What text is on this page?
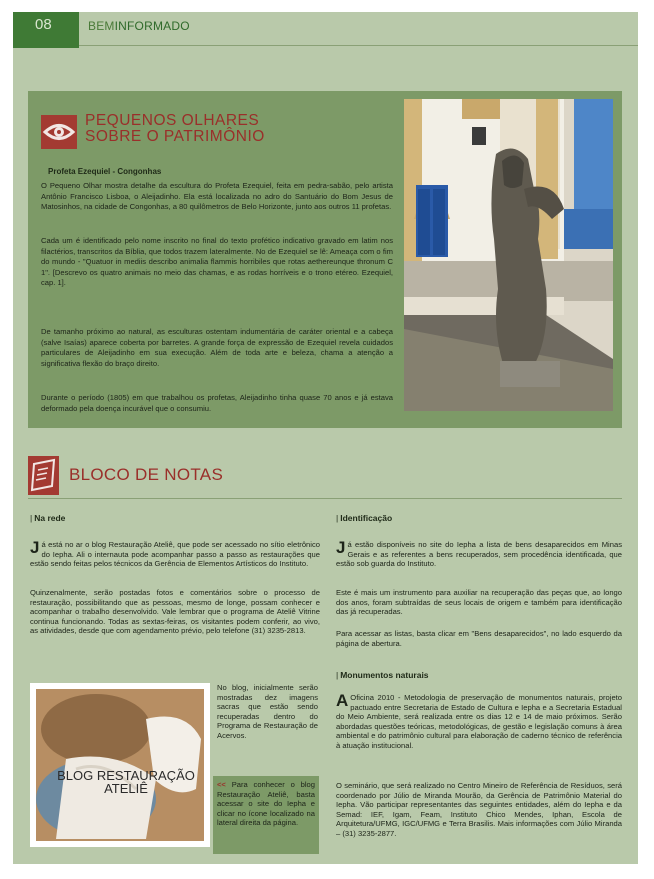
08	BEMINFORMADO
PEQUENOS OLHARES
SOBRE O PATRIMÔNIO
Profeta Ezequiel - Congonhas

O Pequeno Olhar mostra detalhe da escultura do Profeta Ezequiel, feita em pedra-sabão, pelo artista Antônio Francisco Lisboa, o Aleijadinho. Ela está localizada no adro do Santuário do Bom Jesus de Matosinhos, na cidade de Congonhas, a 80 quilômetros de Belo Horizonte, junto aos outros 11 profetas.

Cada um é identificado pelo nome inscrito no final do texto profético indicativo gravado em latim nos filactérios, transcritos da Bíblia, que todos trazem lateralmente. No de Ezequiel se lê: Ameaça com o fim do mundo - "Quatuor in mediis describo animalia flammis horribiles que rotas aethereunque thronum C 1". [Descrevo os quatro animais no meio das chamas, e as rodas horríveis e o trono etéreo. Ezequiel, cap. 1].

De tamanho próximo ao natural, as esculturas ostentam indumentária de caráter oriental e a cabeça (salve Isaías) aparece coberta por barretes. A grande força de expressão de Ezequiel revela cuidados particulares de Aleijadinho em sua execução. Além de toda arte e beleza, chama a atenção a significativa flexão do braço direito.

Durante o período (1805) em que trabalhou os profetas, Aleijadinho tinha quase 70 anos e já estava deformado pela doença incurável que o consumiu.

BLOCO DE NOTAS
| Na rede

Já está no ar o blog Restauração Ateliê, que pode ser acessado no sítio eletrônico do Iepha. Ali o internauta pode acompanhar passo a passo as restaurações que estão sendo feitas pelos técnicos da Gerência de Elementos Artísticos do Instituto.

Quinzenalmente, serão postadas fotos e comentários sobre o processo de restauração, possibilitando que as pessoas, mesmo de longe, possam conhecer e acompanhar o trabalho desenvolvido. Vale lembrar que o programa de Ateliê Vitrine continua funcionando. Todas as sextas-feiras, os visitantes podem conferir, ao vivo, as atividades, desde que com agendamento prévio, pelo telefone (31) 3235-2813.

BLOG RESTAURAÇÃO ATELIÊ

No blog, inicialmente serão mostradas dez imagens sacras que estão sendo recuperadas dentro do Programa de Restauração de Acervos.

<< Para conhecer o blog Restauração Ateliê, basta acessar o site do Iepha e clicar no ícone localizado na lateral direita da página.

| Identificação

Já estão disponíveis no site do Iepha a lista de bens desaparecidos em Minas Gerais e as referentes a bens recuperados, sem procedência identificada, que estão sob guarda do Instituto.

Este é mais um instrumento para auxiliar na recuperação das peças que, ao longo dos anos, foram subtraídas de seus locais de origem e também para identificação das já recuperadas.

Para acessar as listas, basta clicar em "Bens desaparecidos", no lado esquerdo da página de abertura.

| Monumentos naturais

A Oficina 2010 - Metodologia de preservação de monumentos naturais, projeto pactuado entre Secretaria de Estado de Cultura e Iepha e a Secretaria Estadual do Meio Ambiente, será realizada entre os dias 12 e 14 de maio próximos. Serão abordadas questões teóricas, metodológicas, de gestão e legislação comuns à área ambiental e do patrimônio cultural para elaboração de caderno técnico de referência à atuação institucional.

O seminário, que será realizado no Centro Mineiro de Referência de Resíduos, será coordenado por Júlio de Miranda Mourão, da Gerência de Patrimônio Material do Iepha. Vão participar representantes das seguintes entidades, além do Iepha e da Semad: IEF, Igam, Feam, Instituto Chico Mendes, Iphan, Escola de Arquitetura/UFMG, IGC/UFMG e Terra Brasilis. Mais informações com Júlio Miranda – (31) 3235-2877.
